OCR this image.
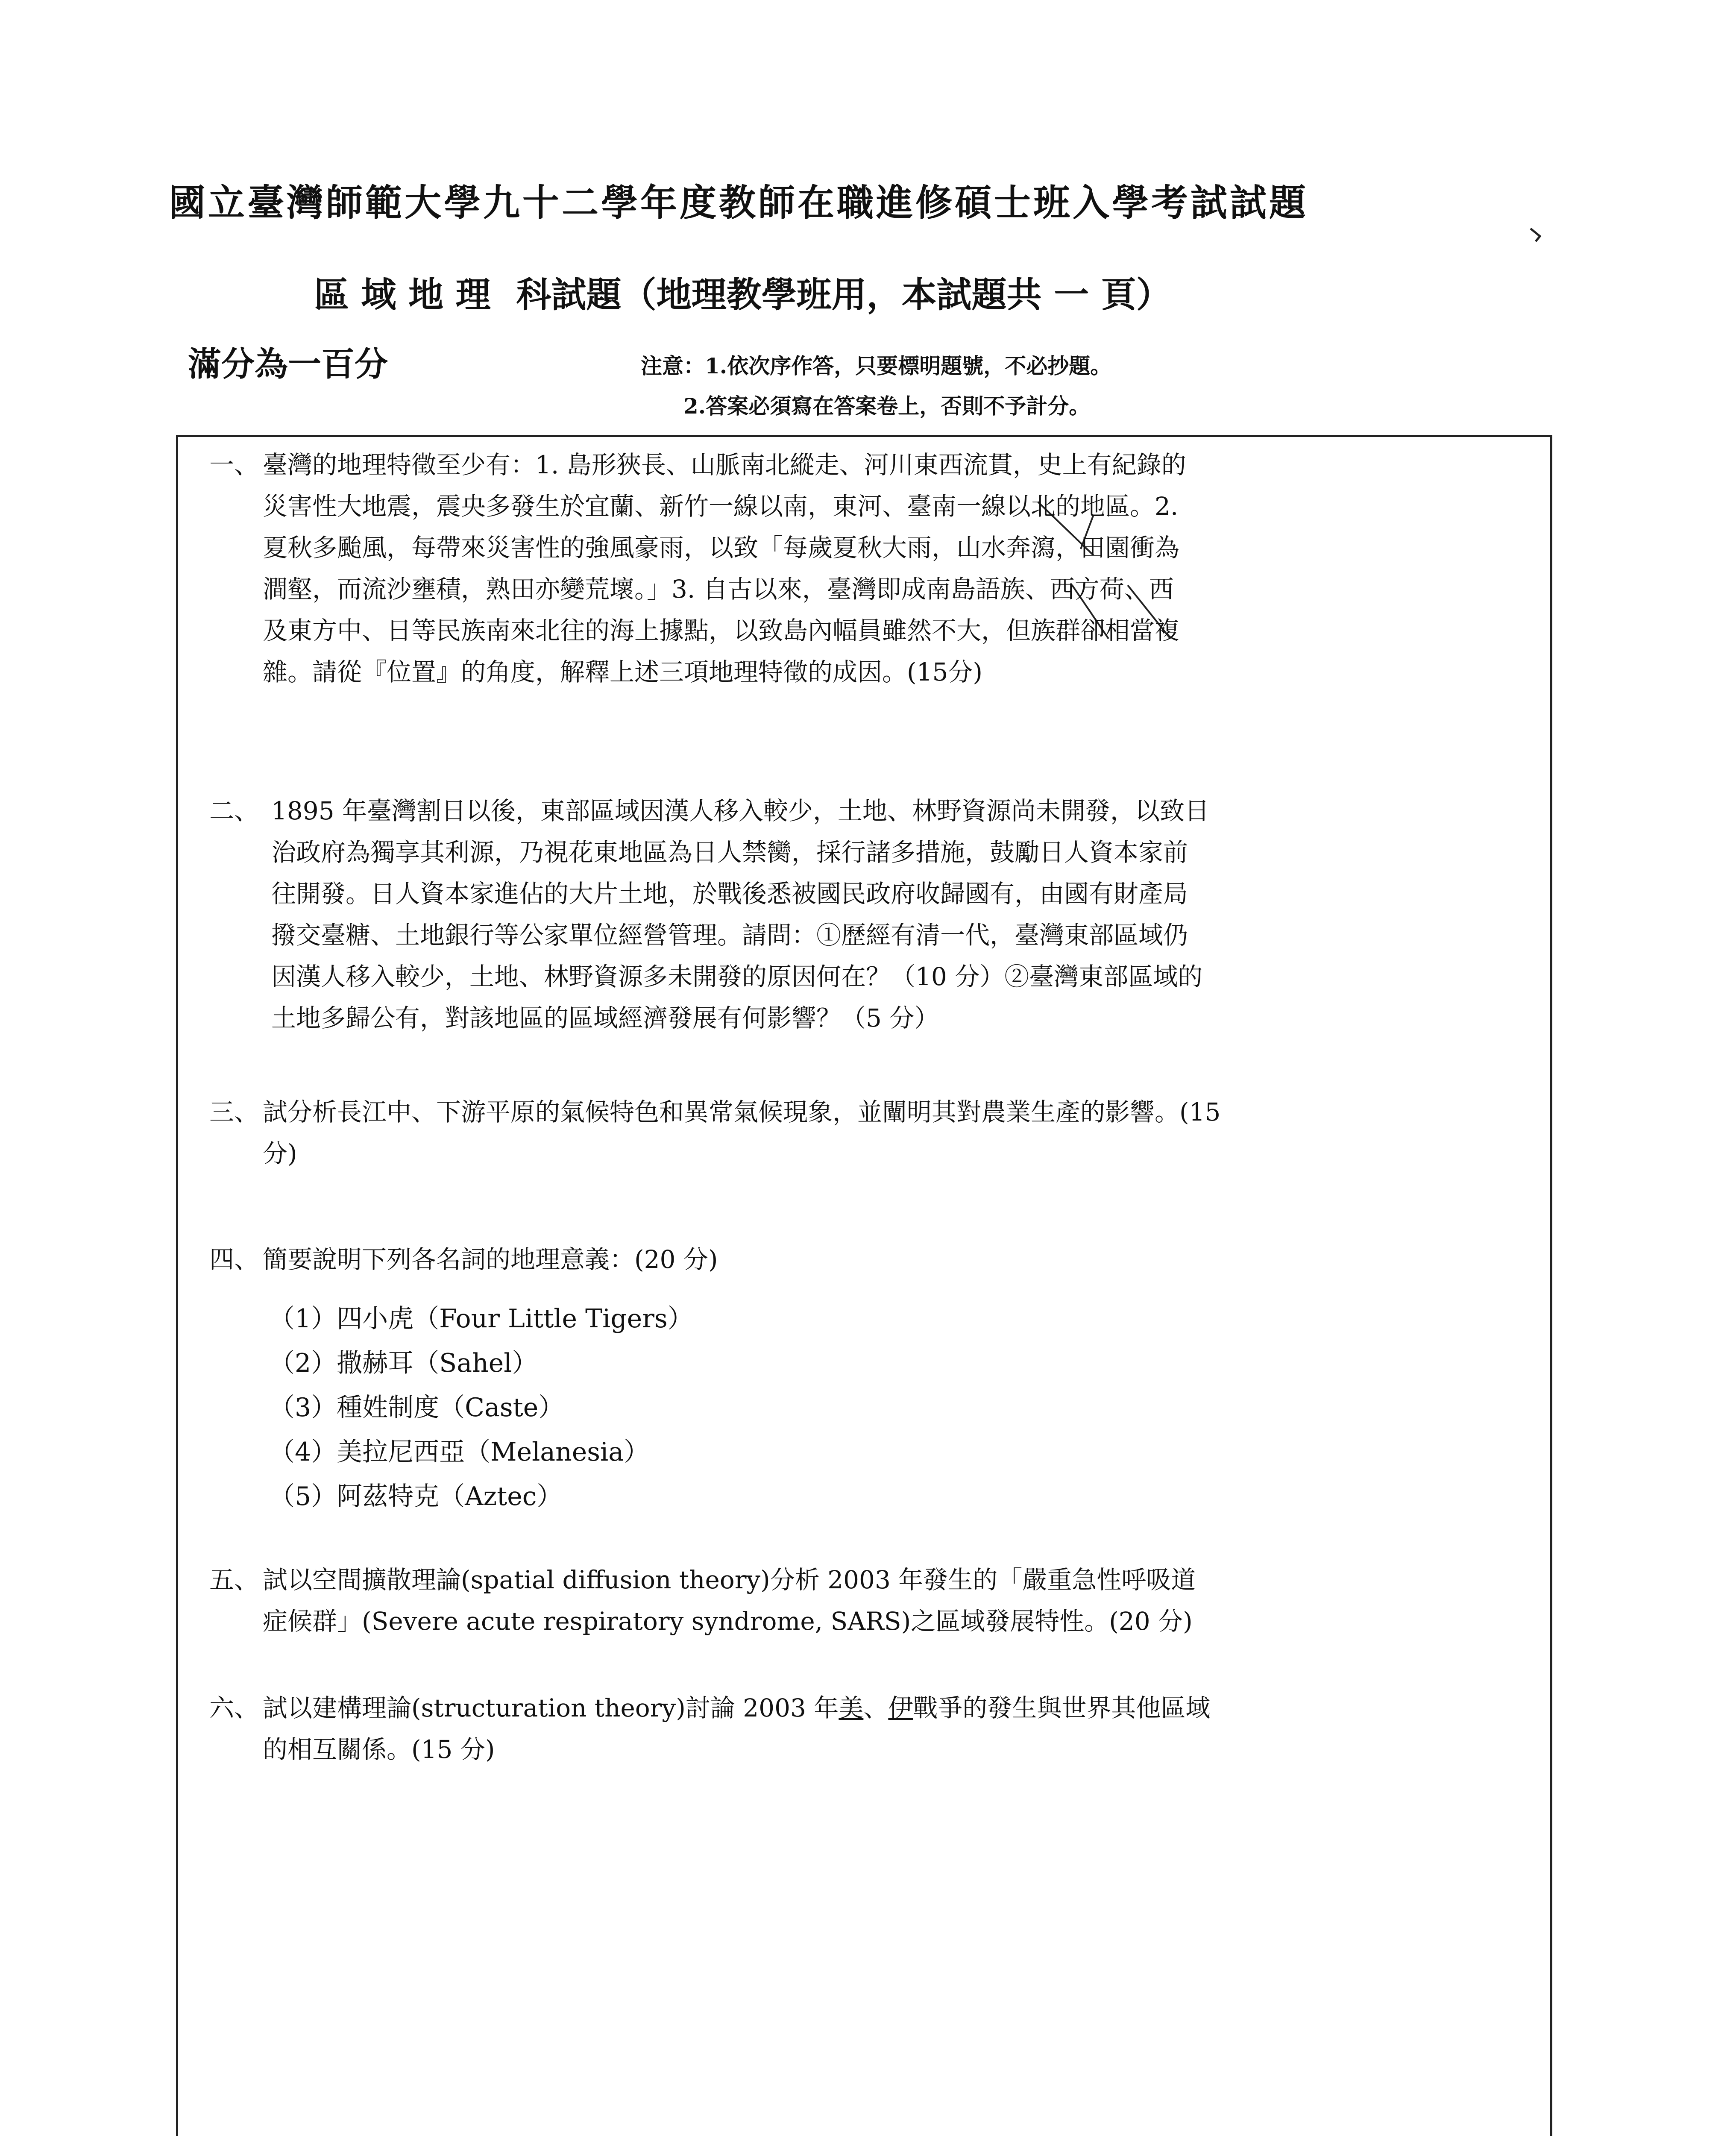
國立臺灣師範大學九十二學年度教師在職進修碩士班入學考試試題
區 域 地 理 科試題（地理教學班用，本試題共 一 頁）
滿分為一百分	注意：1.依次序作答，只要標明題號，不必抄題。
2.答案必須寫在答案卷上，否則不予計分。
一、 臺灣的地理特徵至少有：1. 島形狹長、山脈南北縱走、河川東西流貫，史上有紀錄的
災害性大地震，震央多發生於宜蘭、新竹一線以南，東河、臺南一線以北的地區。2.
夏秋多颱風，每帶來災害性的強風豪雨，以致「每歲夏秋大雨，山水奔瀉，田園衝為
澗壑，而流沙壅積，熟田亦變荒壞。」3. 自古以來，臺灣即成南島語族、西方荷、西
及東方中、日等民族南來北往的海上據點，以致島內幅員雖然不大，但族群卻相當複
雜。請從『位置』的角度，解釋上述三項地理特徵的成因。(15分)
二、 1895 年臺灣割日以後，東部區域因漢人移入較少，土地、林野資源尚未開發，以致日
治政府為獨享其利源，乃視花東地區為日人禁臠，採行諸多措施，鼓勵日人資本家前
往開發。日人資本家進佔的大片土地，於戰後悉被國民政府收歸國有，由國有財產局
撥交臺糖、土地銀行等公家單位經營管理。請問：①歷經有清一代，臺灣東部區域仍
因漢人移入較少，土地、林野資源多未開發的原因何在？（10 分）②臺灣東部區域的
土地多歸公有，對該地區的區域經濟發展有何影響？（5 分）
三、 試分析長江中、下游平原的氣候特色和異常氣候現象，並闡明其對農業生產的影響。(15
分)
四、 簡要說明下列各名詞的地理意義：(20 分)
（1）四小虎（Four Little Tigers）
（2）撒赫耳（Sahel）
（3）種姓制度（Caste）
（4）美拉尼西亞（Melanesia）
（5）阿茲特克（Aztec）
五、 試以空間擴散理論(spatial diffusion theory)分析 2003 年發生的「嚴重急性呼吸道
症候群」(Severe acute respiratory syndrome, SARS)之區域發展特性。(20 分)
六、 試以建構理論(structuration theory)討論 2003 年美、伊戰爭的發生與世界其他區域
的相互關係。(15 分)
